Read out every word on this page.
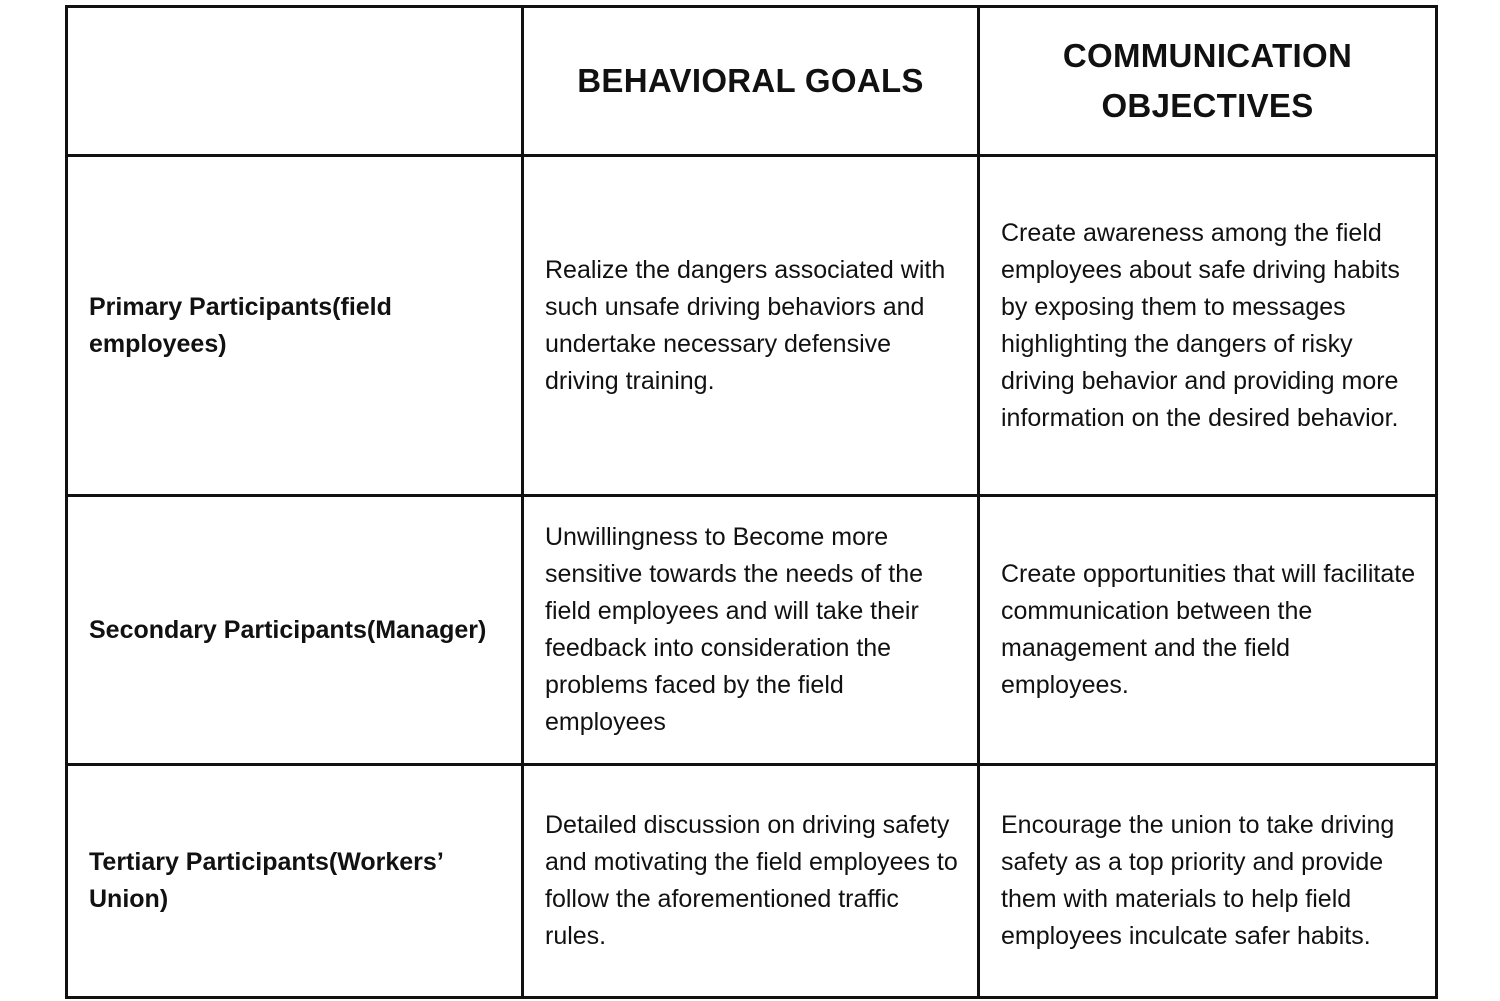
	BEHAVIORAL GOALS	COMMUNICATION OBJECTIVES
Primary Participants(field employees)	Realize the dangers associated with such unsafe driving behaviors and undertake necessary defensive driving training.	Create awareness among the field employees about safe driving habits by exposing them to messages highlighting the dangers of risky driving behavior and providing more information on the desired behavior.
Secondary Participants(Manager)	Unwillingness to Become more sensitive towards the needs of the field employees and will take their feedback into consideration the problems faced by the field employees	Create opportunities that will facilitate communication between the management and the field employees.
Tertiary Participants(Workers’ Union)	Detailed discussion on driving safety and motivating the field employees to follow the aforementioned traffic rules.	Encourage the union to take driving safety as a top priority and provide them with materials to help field employees inculcate safer habits.
